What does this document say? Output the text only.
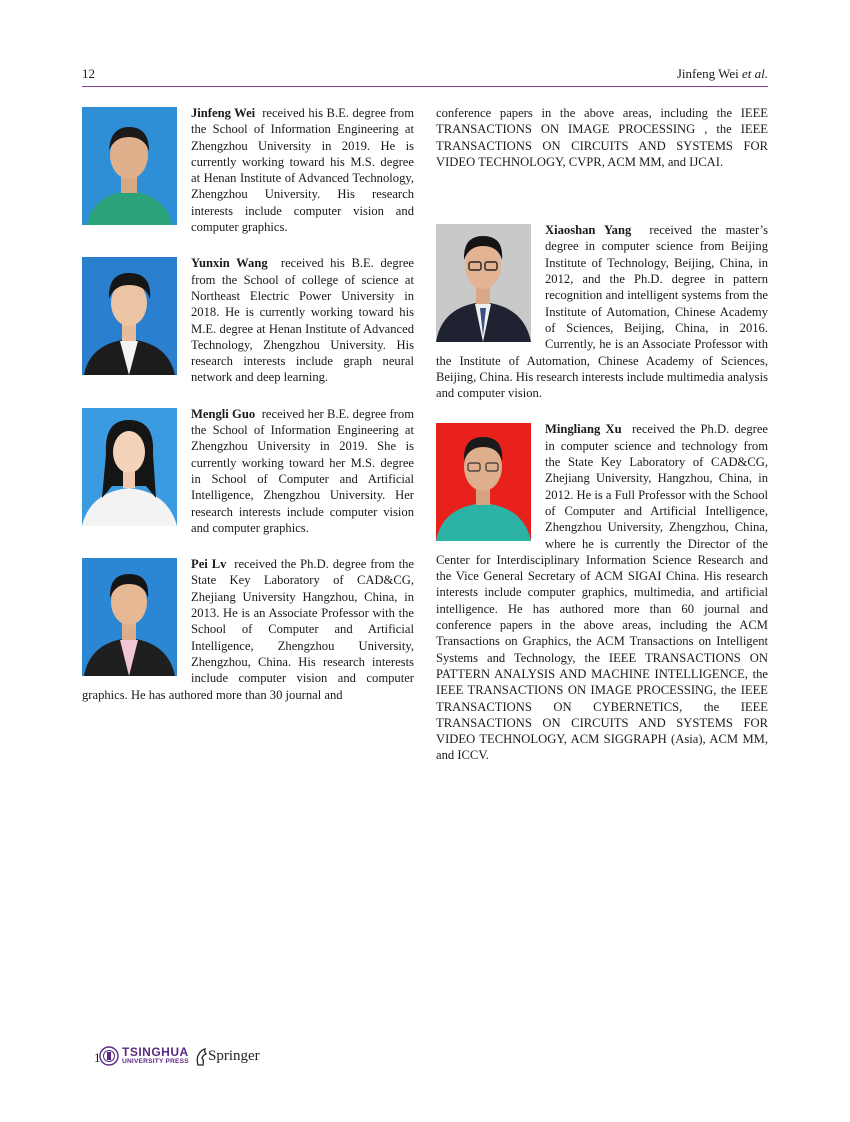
12	Jinfeng Wei et al.

Jinfeng Wei received his B.E. degree from the School of Information Engineering at Zhengzhou University in 2019. He is currently working toward his M.S. degree at Henan Institute of Advanced Technology, Zhengzhou University. His research interests include computer vision and computer graphics.

Yunxin Wang received his B.E. degree from the School of college of science at Northeast Electric Power University in 2018. He is currently working toward his M.E. degree at Henan Institute of Advanced Technology, Zhengzhou University. His research interests include graph neural network and deep learning.

Mengli Guo received her B.E. degree from the School of Information Engineering at Zhengzhou University in 2019. She is currently working toward her M.S. degree in School of Computer and Artificial Intelligence, Zhengzhou University. Her research interests include computer vision and computer graphics.

Pei Lv received the Ph.D. degree from the State Key Laboratory of CAD&CG, Zhejiang University Hangzhou, China, in 2013. He is an Associate Professor with the School of Computer and Artificial Intelligence, Zhengzhou University, Zhengzhou, China. His research interests include computer vision and computer graphics. He has authored more than 30 journal and

conference papers in the above areas, including the IEEE TRANSACTIONS ON IMAGE PROCESSING , the IEEE TRANSACTIONS ON CIRCUITS AND SYSTEMS FOR VIDEO TECHNOLOGY, CVPR, ACM MM, and IJCAI.

Xiaoshan Yang received the master’s degree in computer science from Beijing Institute of Technology, Beijing, China, in 2012, and the Ph.D. degree in pattern recognition and intelligent systems from the Institute of Automation, Chinese Academy of Sciences, Beijing, China, in 2016. Currently, he is an Associate Professor with the Institute of Automation, Chinese Academy of Sciences, Beijing, China. His research interests include multimedia analysis and computer vision.

Mingliang Xu received the Ph.D. degree in computer science and technology from the State Key Laboratory of CAD&CG, Zhejiang University, Hangzhou, China, in 2012. He is a Full Professor with the School of Computer and Artificial Intelligence, Zhengzhou University, Zhengzhou, China, where he is currently the Director of the Center for Interdisciplinary Information Science Research and the Vice General Secretary of ACM SIGAI China. His research interests include computer graphics, multimedia, and artificial intelligence. He has authored more than 60 journal and conference papers in the above areas, including the ACM Transactions on Graphics, the ACM Transactions on Intelligent Systems and Technology, the IEEE TRANSACTIONS ON PATTERN ANALYSIS AND MACHINE INTELLIGENCE, the IEEE TRANSACTIONS ON IMAGE PROCESSING, the IEEE TRANSACTIONS ON CYBERNETICS, the IEEE TRANSACTIONS ON CIRCUITS AND SYSTEMS FOR VIDEO TECHNOLOGY, ACM SIGGRAPH (Asia), ACM MM, and ICCV.

1 TSINGHUA
UNIVERSITY PRESS Springer
